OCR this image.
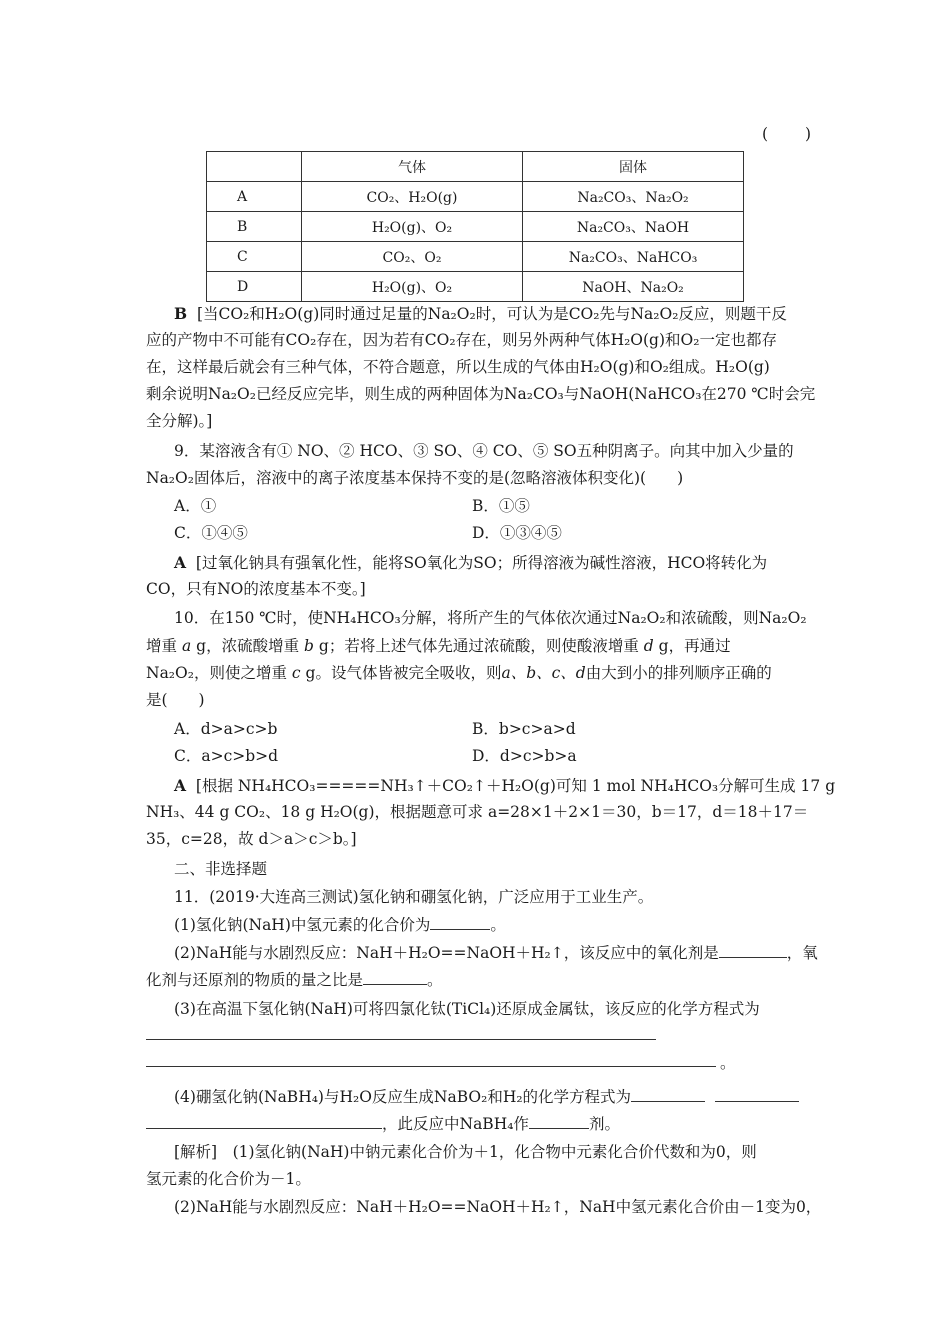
(　　)
	气体	固体
A	CO₂、H₂O(g)	Na₂CO₃、Na₂O₂
B	H₂O(g)、O₂	Na₂CO₃、NaOH
C	CO₂、O₂	Na₂CO₃、NaHCO₃
D	H₂O(g)、O₂	NaOH、Na₂O₂
B [当CO₂和H₂O(g)同时通过足量的Na₂O₂时，可认为是CO₂先与Na₂O₂反应，则题干反
应的产物中不可能有CO₂存在，因为若有CO₂存在，则另外两种气体H₂O(g)和O₂一定也都存
在，这样最后就会有三种气体，不符合题意，所以生成的气体由H₂O(g)和O₂组成。H₂O(g)
剩余说明Na₂O₂已经反应完毕，则生成的两种固体为Na₂CO₃与NaOH(NaHCO₃在270 ℃时会完
全分解)。]
9．某溶液含有① NO、② HCO、③ SO、④ CO、⑤ SO五种阴离子。向其中加入少量的
Na₂O₂固体后，溶液中的离子浓度基本保持不变的是(忽略溶液体积变化)(　　)
A．①	B．①⑤
C．①④⑤	D．①③④⑤
A [过氧化钠具有强氧化性，能将SO氧化为SO；所得溶液为碱性溶液，HCO将转化为
CO，只有NO的浓度基本不变。]
10．在150 ℃时，使NH₄HCO₃分解，将所产生的气体依次通过Na₂O₂和浓硫酸，则Na₂O₂
增重 a g，浓硫酸增重 b g；若将上述气体先通过浓硫酸，则使酸液增重 d g，再通过
Na₂O₂，则使之增重 c g。设气体皆被完全吸收，则a、b、c、d由大到小的排列顺序正确的
是(　　)
A．d>a>c>b	B．b>c>a>d
C．a>c>b>d	D．d>c>b>a
A [根据 NH₄HCO₃=====NH₃↑＋CO₂↑＋H₂O(g)可知 1 mol NH₄HCO₃分解可生成 17 g
NH₃、44 g CO₂、18 g H₂O(g)，根据题意可求 a=28×1＋2×1＝30，b＝17，d＝18＋17＝
35，c=28，故 d＞a＞c＞b。]
二、非选择题
11．(2019·大连高三测试)氢化钠和硼氢化钠，广泛应用于工业生产。
(1)氢化钠(NaH)中氢元素的化合价为	。
(2)NaH能与水剧烈反应：NaH＋H₂O==NaOH＋H₂↑，该反应中的氧化剂是	，氧
化剂与还原剂的物质的量之比是	。
(3)在高温下氢化钠(NaH)可将四氯化钛(TiCl₄)还原成金属钛，该反应的化学方程式为
。
(4)硼氢化钠(NaBH₄)与H₂O反应生成NaBO₂和H₂的化学方程式为
，此反应中NaBH₄作	剂。
[解析]　(1)氢化钠(NaH)中钠元素化合价为＋1，化合物中元素化合价代数和为0，则
氢元素的化合价为－1。
(2)NaH能与水剧烈反应：NaH＋H₂O==NaOH＋H₂↑，NaH中氢元素化合价由－1变为0，
